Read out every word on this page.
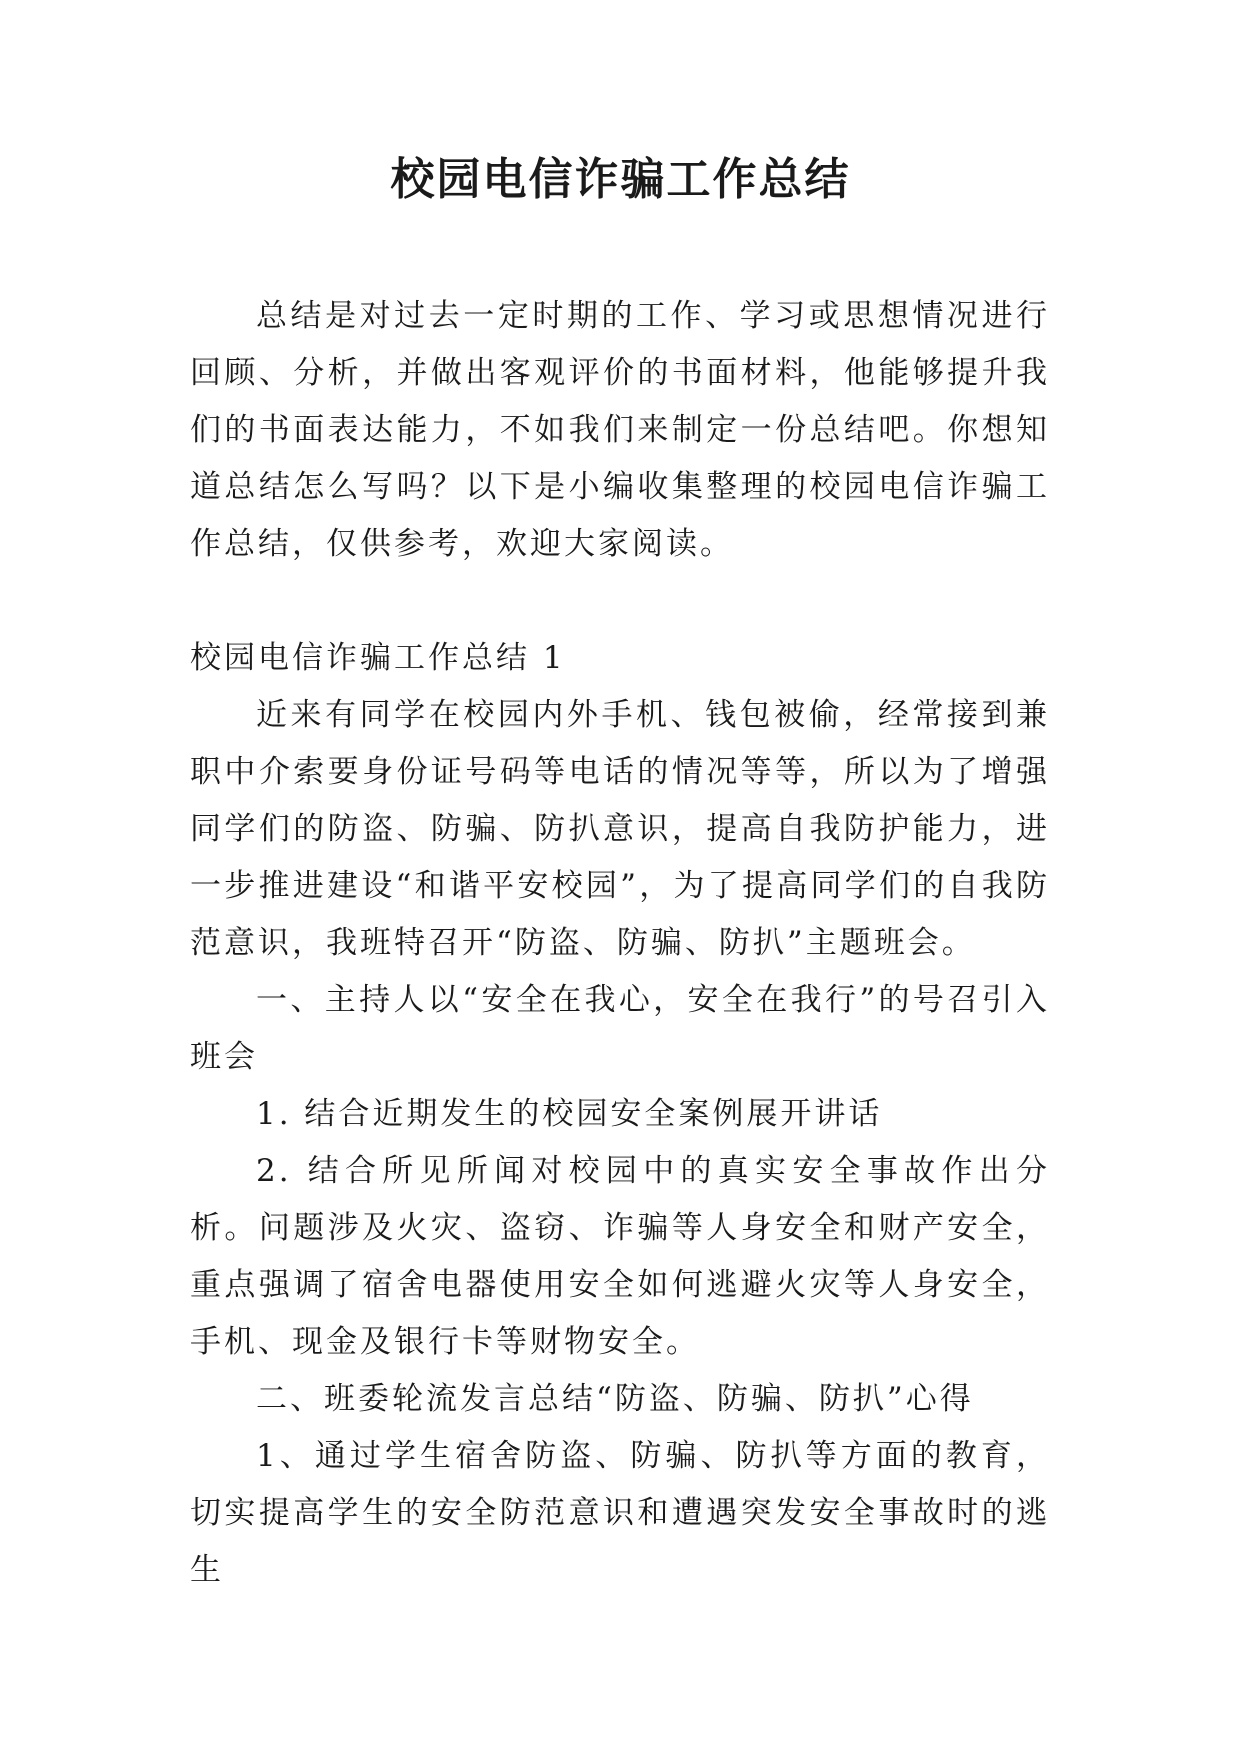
校园电信诈骗工作总结

总结是对过去一定时期的工作、学习或思想情况进行回顾、分析，并做出客观评价的书面材料，他能够提升我们的书面表达能力，不如我们来制定一份总结吧。你想知道总结怎么写吗？以下是小编收集整理的校园电信诈骗工作总结，仅供参考，欢迎大家阅读。

校园电信诈骗工作总结 1

近来有同学在校园内外手机、钱包被偷，经常接到兼职中介索要身份证号码等电话的情况等等，所以为了增强同学们的防盗、防骗、防扒意识，提高自我防护能力，进一步推进建设“和谐平安校园”，为了提高同学们的自我防范意识，我班特召开“防盗、防骗、防扒”主题班会。

一、主持人以“安全在我心，安全在我行”的号召引入班会

1. 结合近期发生的校园安全案例展开讲话

2. 结合所见所闻对校园中的真实安全事故作出分析。问题涉及火灾、盗窃、诈骗等人身安全和财产安全，重点强调了宿舍电器使用安全如何逃避火灾等人身安全，手机、现金及银行卡等财物安全。

二、班委轮流发言总结“防盗、防骗、防扒”心得

1、通过学生宿舍防盗、防骗、防扒等方面的教育，切实提高学生的安全防范意识和遭遇突发安全事故时的逃生
